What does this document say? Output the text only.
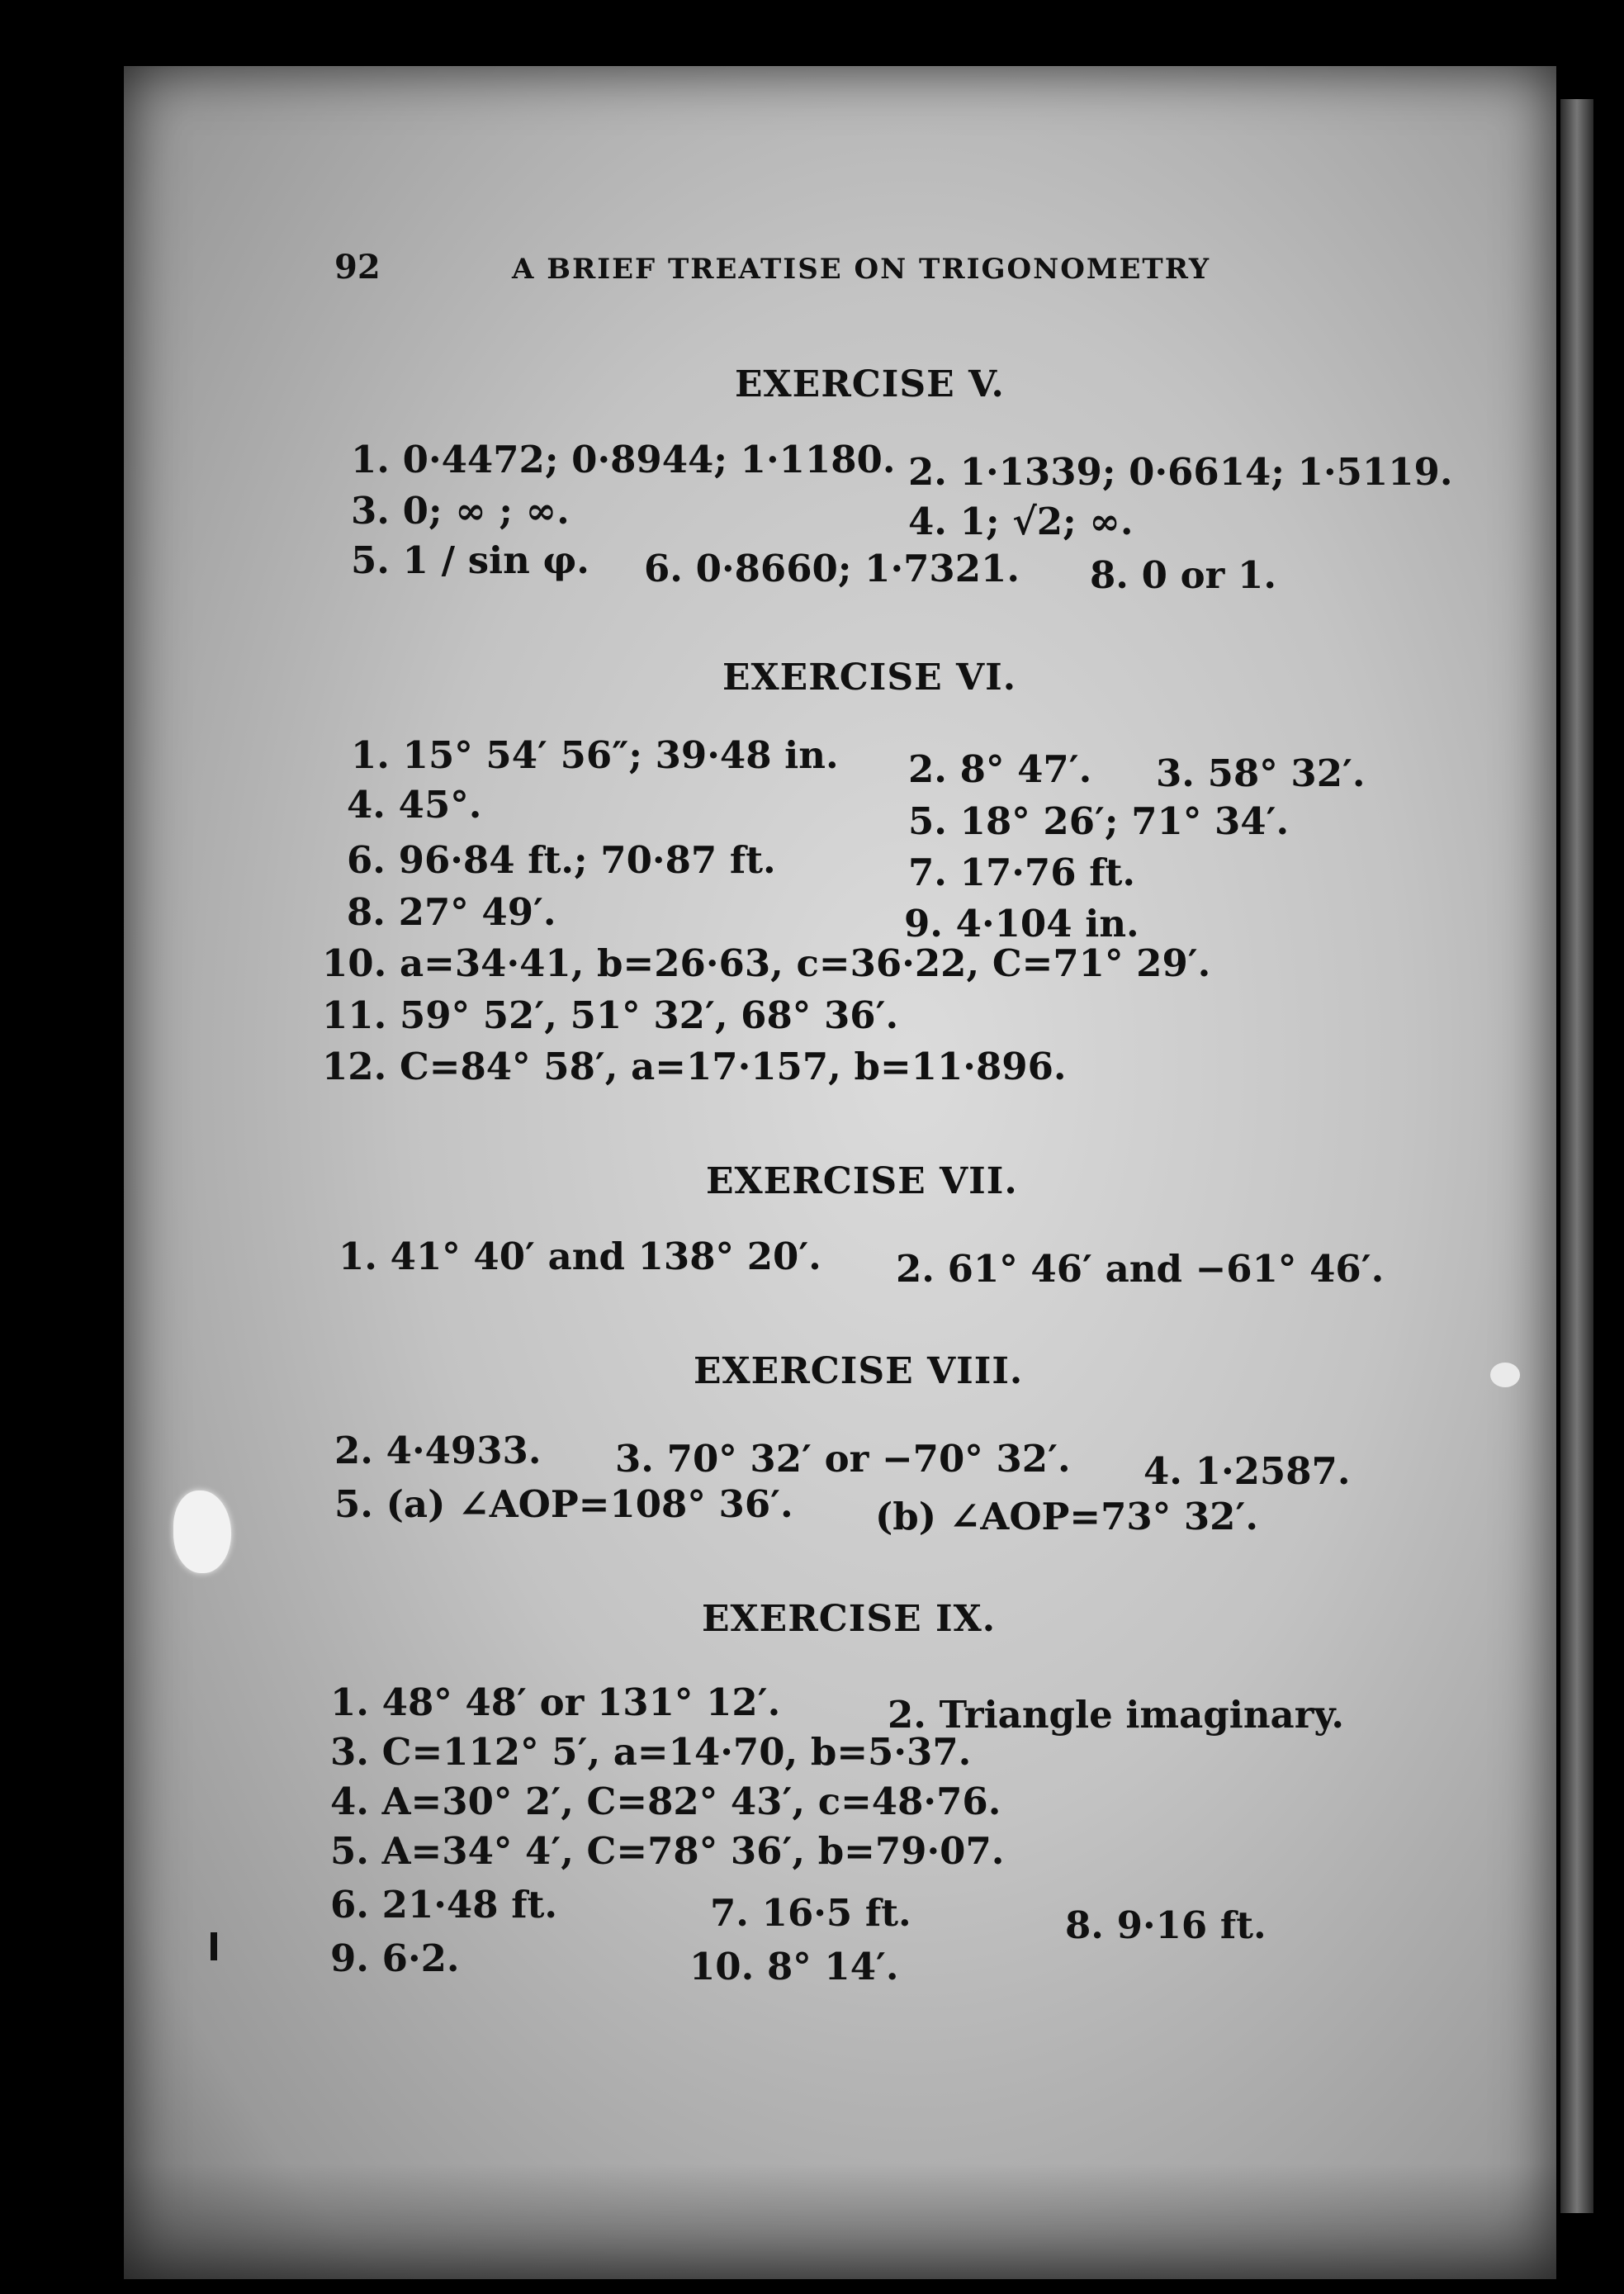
92	A BRIEF TREATISE ON TRIGONOMETRY
EXERCISE V.
1. 0·4472; 0·8944; 1·1180. 2. 1·1339; 0·6614; 1·5119.
3. 0; ∞ ; ∞.	4. 1; √2; ∞.
5. 1 / sin φ. 6. 0·8660; 1·7321. 8. 0 or 1.
EXERCISE VI.
1. 15° 54′ 56″; 39·48 in. 2. 8° 47′. 3. 58° 32′.
4. 45°.	5. 18° 26′; 71° 34′.
6. 96·84 ft.; 70·87 ft.	7. 17·76 ft.
8. 27° 49′.	9. 4·104 in.
10. a=34·41, b=26·63, c=36·22, C=71° 29′.
11. 59° 52′, 51° 32′, 68° 36′.
12. C=84° 58′, a=17·157, b=11·896.
EXERCISE VII.
1. 41° 40′ and 138° 20′. 2. 61° 46′ and −61° 46′.
EXERCISE VIII.
2. 4·4933. 3. 70° 32′ or −70° 32′. 4. 1·2587.
5. (a) ∠AOP=108° 36′. (b) ∠AOP=73° 32′.
EXERCISE IX.
1. 48° 48′ or 131° 12′.	2. Triangle imaginary.
3. C=112° 5′, a=14·70, b=5·37.
4. A=30° 2′, C=82° 43′, c=48·76.
5. A=34° 4′, C=78° 36′, b=79·07.
6. 21·48 ft.	7. 16·5 ft.	8. 9·16 ft.
9. 6·2.	10. 8° 14′.
